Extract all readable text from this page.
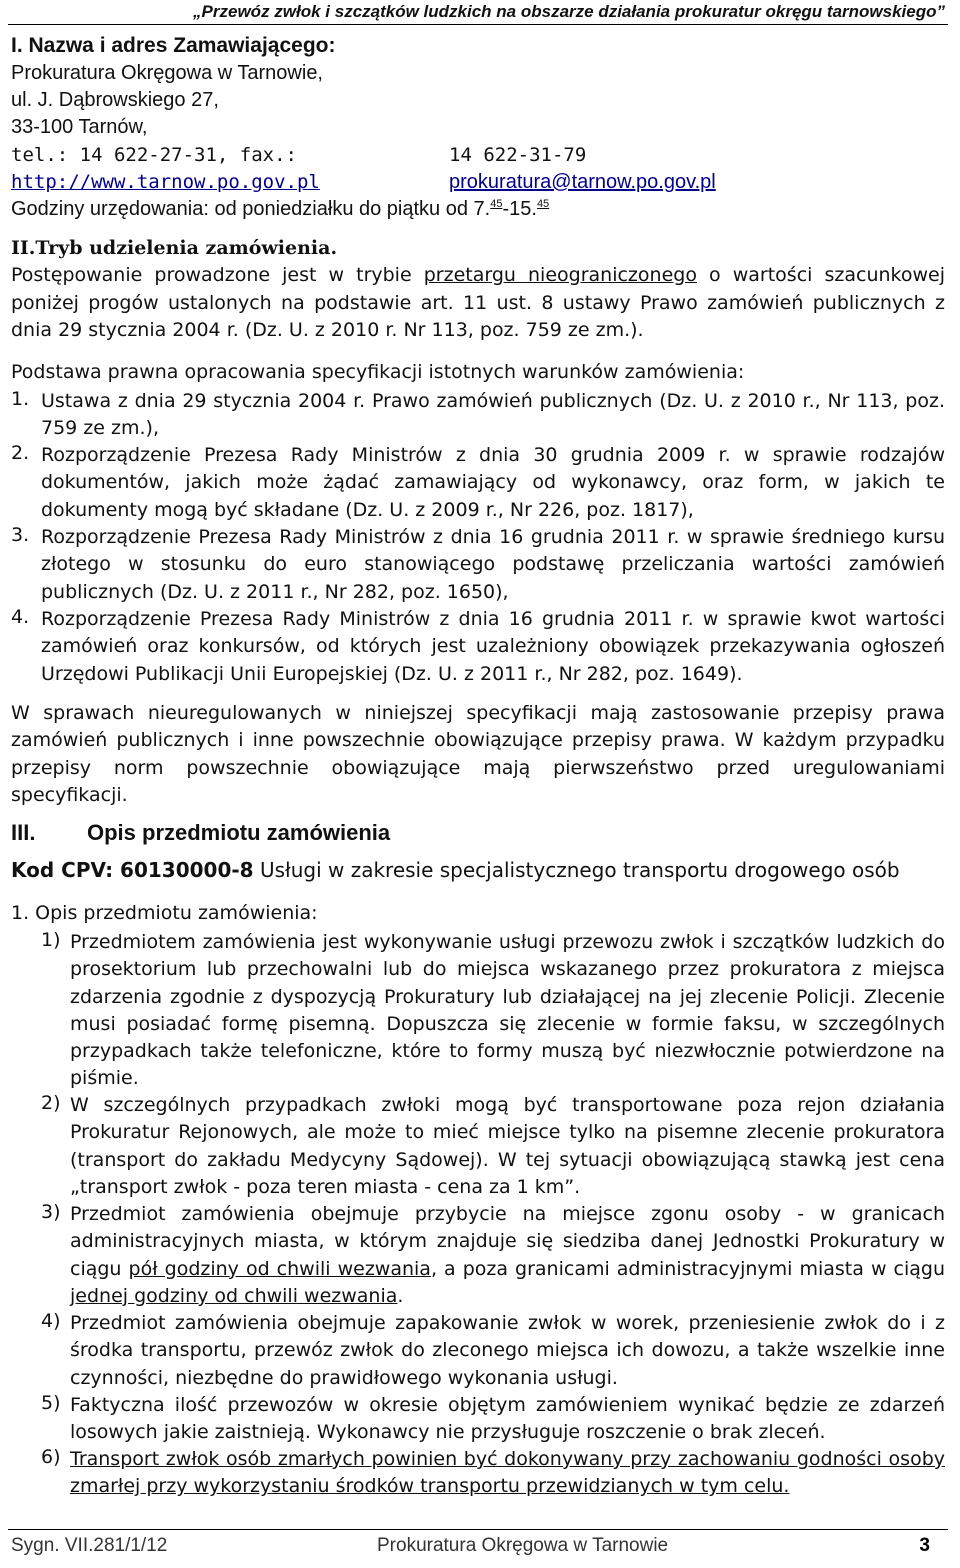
„Przewóz zwłok i szczątków ludzkich na obszarze działania prokuratur okręgu tarnowskiego”
I. Nazwa i adres Zamawiającego:
Prokuratura Okręgowa w Tarnowie,
ul. J. Dąbrowskiego 27,
33-100 Tarnów,
tel.: 14 622-27-31, fax.:	14 622-31-79
http://www.tarnow.po.gov.pl	prokuratura@tarnow.po.gov.pl
Godziny urzędowania: od poniedziałku do piątku od 7.45-15.45
II.Tryb udzielenia zamówienia.
Postępowanie prowadzone jest w trybie przetargu nieograniczonego o wartości szacunkowej poniżej progów ustalonych na podstawie art. 11 ust. 8 ustawy Prawo zamówień publicznych z dnia 29 stycznia 2004 r. (Dz. U. z 2010 r. Nr 113, poz. 759 ze zm.).
Podstawa prawna opracowania specyfikacji istotnych warunków zamówienia:
1. Ustawa z dnia 29 stycznia 2004 r. Prawo zamówień publicznych (Dz. U. z 2010 r., Nr 113, poz. 759 ze zm.),
2. Rozporządzenie Prezesa Rady Ministrów z dnia 30 grudnia 2009 r. w sprawie rodzajów dokumentów, jakich może żądać zamawiający od wykonawcy, oraz form, w jakich te dokumenty mogą być składane (Dz. U. z 2009 r., Nr 226, poz. 1817),
3. Rozporządzenie Prezesa Rady Ministrów z dnia 16 grudnia 2011 r. w sprawie średniego kursu złotego w stosunku do euro stanowiącego podstawę przeliczania wartości zamówień publicznych (Dz. U. z 2011 r., Nr 282, poz. 1650),
4. Rozporządzenie Prezesa Rady Ministrów z dnia 16 grudnia 2011 r. w sprawie kwot wartości zamówień oraz konkursów, od których jest uzależniony obowiązek przekazywania ogłoszeń Urzędowi Publikacji Unii Europejskiej (Dz. U. z 2011 r., Nr 282, poz. 1649).
W sprawach nieuregulowanych w niniejszej specyfikacji mają zastosowanie przepisy prawa zamówień publicznych i inne powszechnie obowiązujące przepisy prawa. W każdym przypadku przepisy norm powszechnie obowiązujące mają pierwszeństwo przed uregulowaniami specyfikacji.
III. Opis przedmiotu zamówienia
Kod CPV: 60130000-8 Usługi w zakresie specjalistycznego transportu drogowego osób
1. Opis przedmiotu zamówienia:
1) Przedmiotem zamówienia jest wykonywanie usługi przewozu zwłok i szczątków ludzkich do prosektorium lub przechowalni lub do miejsca wskazanego przez prokuratora z miejsca zdarzenia zgodnie z dyspozycją Prokuratury lub działającej na jej zlecenie Policji. Zlecenie musi posiadać formę pisemną. Dopuszcza się zlecenie w formie faksu, w szczególnych przypadkach także telefoniczne, które to formy muszą być niezwłocznie potwierdzone na piśmie.
2) W szczególnych przypadkach zwłoki mogą być transportowane poza rejon działania Prokuratur Rejonowych, ale może to mieć miejsce tylko na pisemne zlecenie prokuratora (transport do zakładu Medycyny Sądowej). W tej sytuacji obowiązującą stawką jest cena „transport zwłok - poza teren miasta - cena za 1 km”.
3) Przedmiot zamówienia obejmuje przybycie na miejsce zgonu osoby - w granicach administracyjnych miasta, w którym znajduje się siedziba danej Jednostki Prokuratury w ciągu pół godziny od chwili wezwania, a poza granicami administracyjnymi miasta w ciągu jednej godziny od chwili wezwania.
4) Przedmiot zamówienia obejmuje zapakowanie zwłok w worek, przeniesienie zwłok do i z środka transportu, przewóz zwłok do zleconego miejsca ich dowozu, a także wszelkie inne czynności, niezbędne do prawidłowego wykonania usługi.
5) Faktyczna ilość przewozów w okresie objętym zamówieniem wynikać będzie ze zdarzeń losowych jakie zaistnieją. Wykonawcy nie przysługuje roszczenie o brak zleceń.
6) Transport zwłok osób zmarłych powinien być dokonywany przy zachowaniu godności osoby zmarłej przy wykorzystaniu środków transportu przewidzianych w tym celu.
Sygn. VII.281/1/12	Prokuratura Okręgowa w Tarnowie	3
